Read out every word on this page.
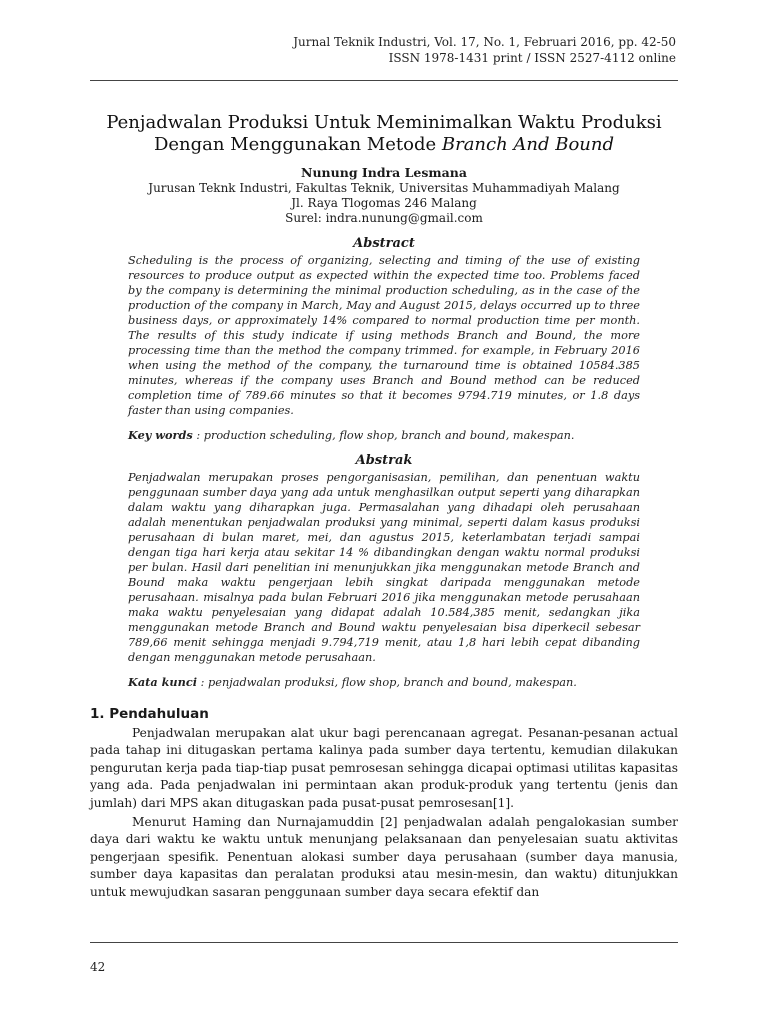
Jurnal Teknik Industri, Vol. 17, No. 1, Februari 2016, pp. 42-50
ISSN 1978-1431 print / ISSN 2527-4112 online
Penjadwalan Produksi Untuk Meminimalkan Waktu Produksi
Dengan Menggunakan Metode Branch And Bound
Nunung Indra Lesmana
Jurusan Teknk Industri, Fakultas Teknik, Universitas Muhammadiyah Malang
Jl. Raya Tlogomas 246 Malang
Surel: indra.nunung@gmail.com
Abstract

Scheduling is the process of organizing, selecting and timing of the use of existing resources to produce output as expected within the expected time too. Problems faced by the company is determining the minimal production scheduling, as in the case of the production of the company in March, May and August 2015, delays occurred up to three business days, or approximately 14% compared to normal production time per month. The results of this study indicate if using methods Branch and Bound, the more processing time than the method the company trimmed. for example, in February 2016 when using the method of the company, the turnaround time is obtained 10584.385 minutes, whereas if the company uses Branch and Bound method can be reduced completion time of 789.66 minutes so that it becomes 9794.719 minutes, or 1.8 days faster than using companies.

Key words : production scheduling, flow shop, branch and bound, makespan.
Abstrak

Penjadwalan merupakan proses pengorganisasian, pemilihan, dan penentuan waktu penggunaan sumber daya yang ada untuk menghasilkan output seperti yang diharapkan dalam waktu yang diharapkan juga. Permasalahan yang dihadapi oleh perusahaan adalah menentukan penjadwalan produksi yang minimal, seperti dalam kasus produksi perusahaan di bulan maret, mei, dan agustus 2015, keterlambatan terjadi sampai dengan tiga hari kerja atau sekitar 14 % dibandingkan dengan waktu normal produksi per bulan. Hasil dari penelitian ini menunjukkan jika menggunakan metode Branch and Bound maka waktu pengerjaan lebih singkat daripada menggunakan metode perusahaan. misalnya pada bulan Februari 2016 jika menggunakan metode perusahaan maka waktu penyelesaian yang didapat adalah 10.584,385 menit, sedangkan jika menggunakan metode Branch and Bound waktu penyelesaian bisa diperkecil sebesar 789,66 menit sehingga menjadi 9.794,719 menit, atau 1,8 hari lebih cepat dibanding dengan menggunakan metode perusahaan.

Kata kunci : penjadwalan produksi, flow shop, branch and bound, makespan.
1. Pendahuluan

Penjadwalan merupakan alat ukur bagi perencanaan agregat. Pesanan-pesanan actual pada tahap ini ditugaskan pertama kalinya pada sumber daya tertentu, kemudian dilakukan pengurutan kerja pada tiap-tiap pusat pemrosesan sehingga dicapai optimasi utilitas kapasitas yang ada. Pada penjadwalan ini permintaan akan produk-produk yang tertentu (jenis dan jumlah) dari MPS akan ditugaskan pada pusat-pusat pemrosesan[1].

Menurut Haming dan Nurnajamuddin [2] penjadwalan adalah pengalokasian sumber daya dari waktu ke waktu untuk menunjang pelaksanaan dan penyelesaian suatu aktivitas pengerjaan spesifik. Penentuan alokasi sumber daya perusahaan (sumber daya manusia, sumber daya kapasitas dan peralatan produksi atau mesin-mesin, dan waktu) ditunjukkan untuk mewujudkan sasaran penggunaan sumber daya secara efektif dan

42
